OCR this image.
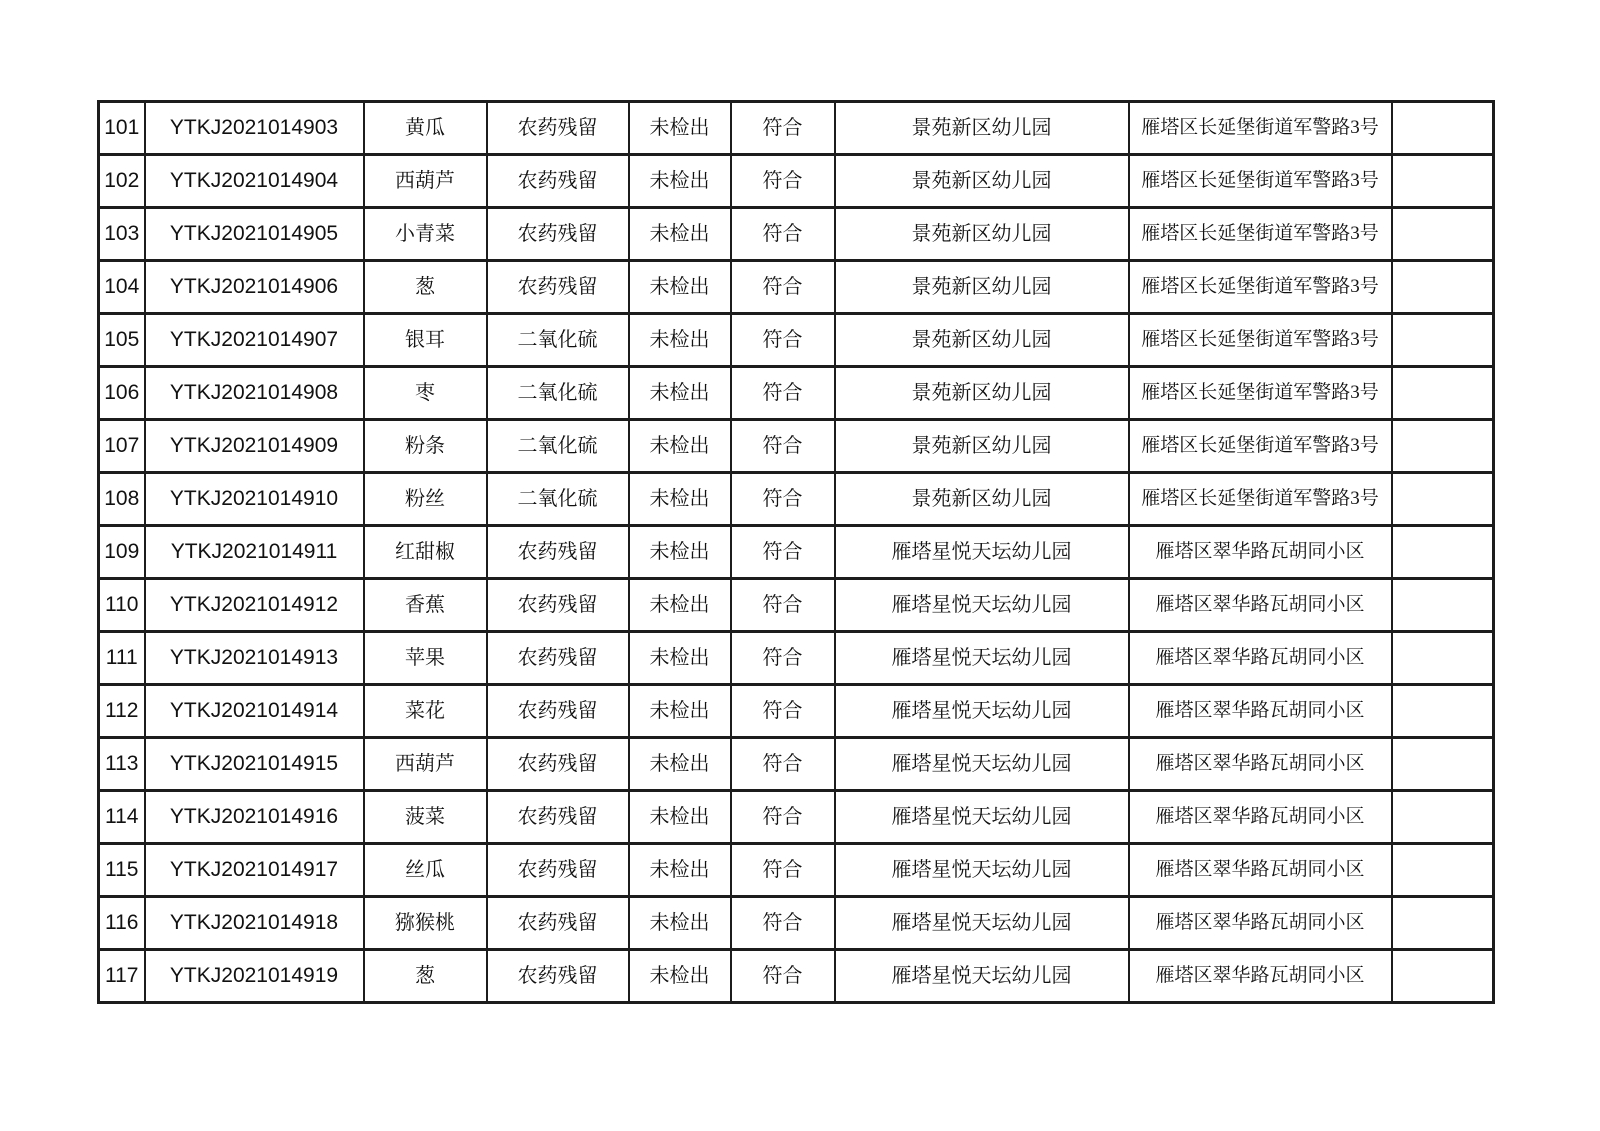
101	YTKJ2021014903	黄瓜	农药残留	未检出	符合	景苑新区幼儿园	雁塔区长延堡街道军警路3号	
102	YTKJ2021014904	西葫芦	农药残留	未检出	符合	景苑新区幼儿园	雁塔区长延堡街道军警路3号	
103	YTKJ2021014905	小青菜	农药残留	未检出	符合	景苑新区幼儿园	雁塔区长延堡街道军警路3号	
104	YTKJ2021014906	葱	农药残留	未检出	符合	景苑新区幼儿园	雁塔区长延堡街道军警路3号	
105	YTKJ2021014907	银耳	二氧化硫	未检出	符合	景苑新区幼儿园	雁塔区长延堡街道军警路3号	
106	YTKJ2021014908	枣	二氧化硫	未检出	符合	景苑新区幼儿园	雁塔区长延堡街道军警路3号	
107	YTKJ2021014909	粉条	二氧化硫	未检出	符合	景苑新区幼儿园	雁塔区长延堡街道军警路3号	
108	YTKJ2021014910	粉丝	二氧化硫	未检出	符合	景苑新区幼儿园	雁塔区长延堡街道军警路3号	
109	YTKJ2021014911	红甜椒	农药残留	未检出	符合	雁塔星悦天坛幼儿园	雁塔区翠华路瓦胡同小区	
110	YTKJ2021014912	香蕉	农药残留	未检出	符合	雁塔星悦天坛幼儿园	雁塔区翠华路瓦胡同小区	
111	YTKJ2021014913	苹果	农药残留	未检出	符合	雁塔星悦天坛幼儿园	雁塔区翠华路瓦胡同小区	
112	YTKJ2021014914	菜花	农药残留	未检出	符合	雁塔星悦天坛幼儿园	雁塔区翠华路瓦胡同小区	
113	YTKJ2021014915	西葫芦	农药残留	未检出	符合	雁塔星悦天坛幼儿园	雁塔区翠华路瓦胡同小区	
114	YTKJ2021014916	菠菜	农药残留	未检出	符合	雁塔星悦天坛幼儿园	雁塔区翠华路瓦胡同小区	
115	YTKJ2021014917	丝瓜	农药残留	未检出	符合	雁塔星悦天坛幼儿园	雁塔区翠华路瓦胡同小区	
116	YTKJ2021014918	猕猴桃	农药残留	未检出	符合	雁塔星悦天坛幼儿园	雁塔区翠华路瓦胡同小区	
117	YTKJ2021014919	葱	农药残留	未检出	符合	雁塔星悦天坛幼儿园	雁塔区翠华路瓦胡同小区	
